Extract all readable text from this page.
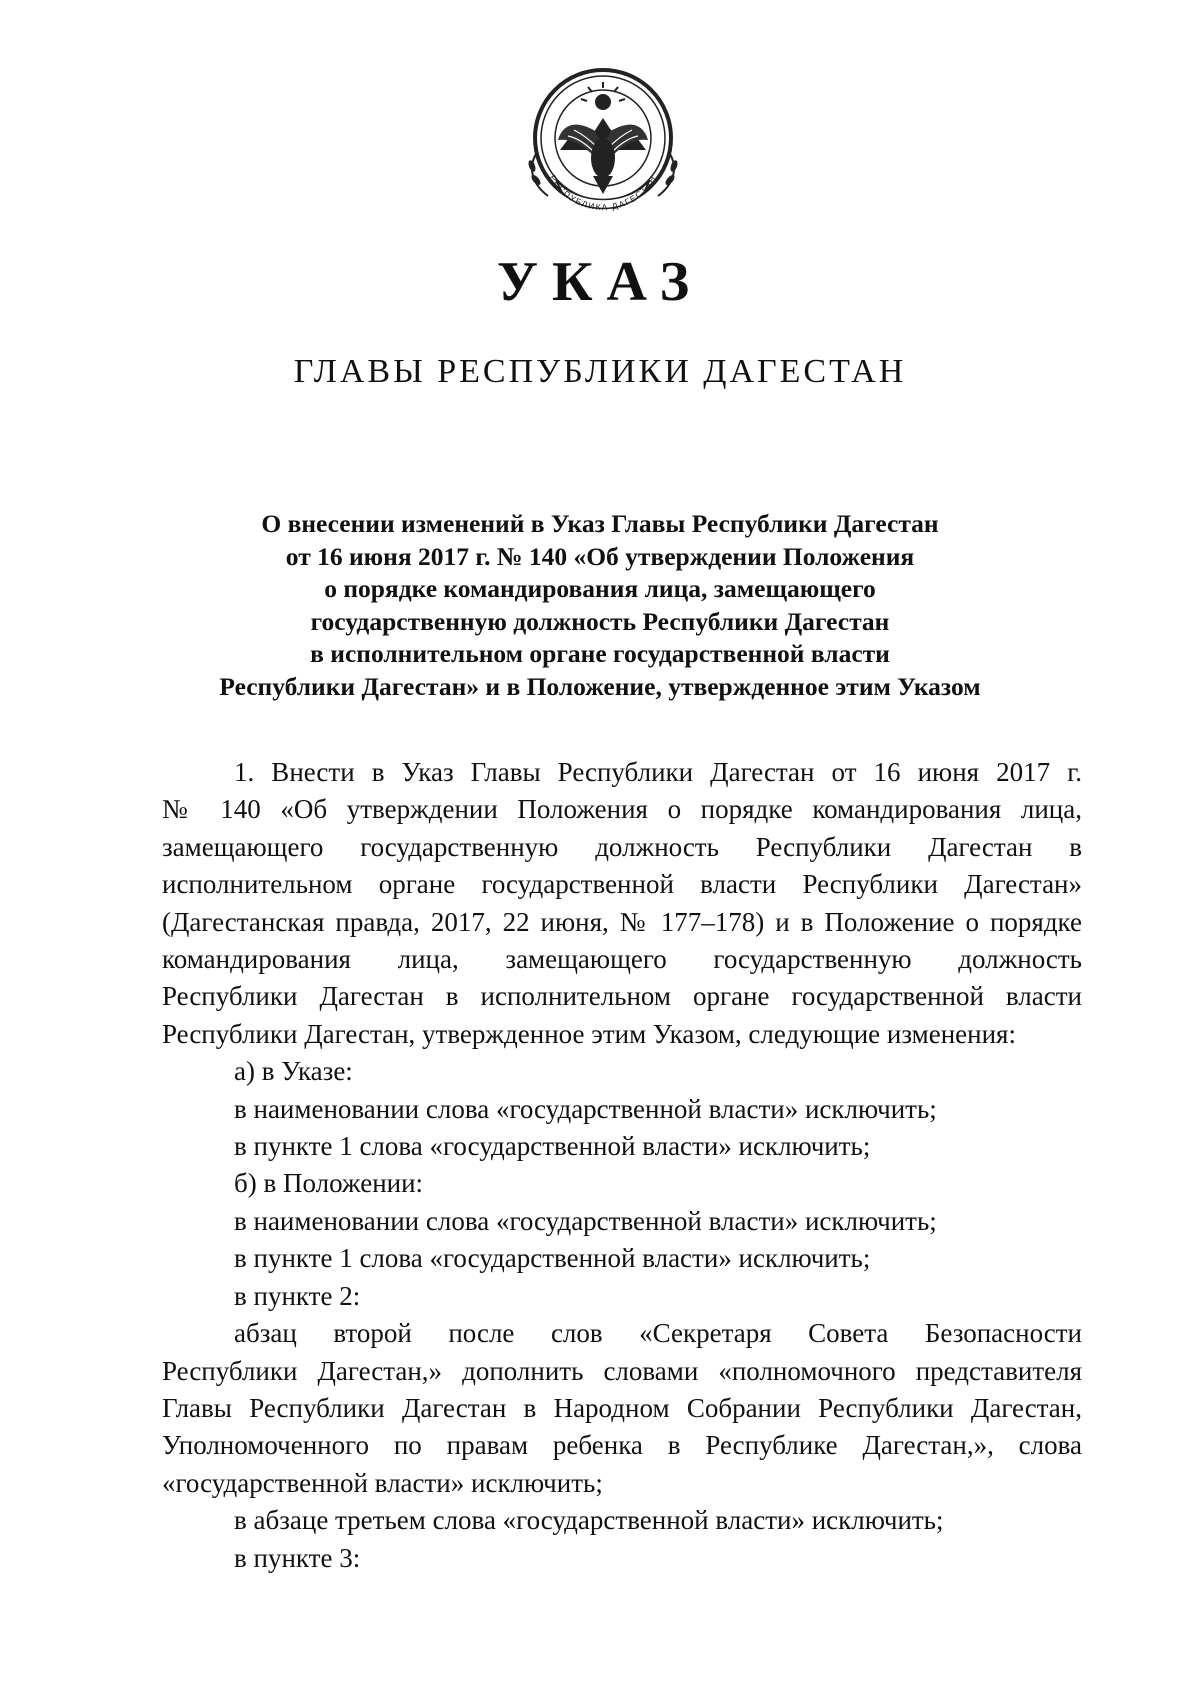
РЕСПУБЛИКА ДАГЕСТАН
УКАЗ
ГЛАВЫ РЕСПУБЛИКИ ДАГЕСТАН
О внесении изменений в Указ Главы Республики Дагестан
от 16 июня 2017 г. № 140 «Об утверждении Положения
о порядке командирования лица, замещающего
государственную должность Республики Дагестан
в исполнительном органе государственной власти
Республики Дагестан» и в Положение, утвержденное этим Указом

1. Внести в Указ Главы Республики Дагестан от 16 июня 2017 г.

№ 140 «Об утверждении Положения о порядке командирования лица,

замещающего государственную должность Республики Дагестан в

исполнительном органе государственной власти Республики Дагестан»

(Дагестанская правда, 2017, 22 июня, № 177–178) и в Положение о порядке

командирования лица, замещающего государственную должность

Республики Дагестан в исполнительном органе государственной власти

Республики Дагестан, утвержденное этим Указом, следующие изменения:

а) в Указе:

в наименовании слова «государственной власти» исключить;

в пункте 1 слова «государственной власти» исключить;

б) в Положении:

в наименовании слова «государственной власти» исключить;

в пункте 1 слова «государственной власти» исключить;

в пункте 2:

абзац второй после слов «Секретаря Совета Безопасности

Республики Дагестан,» дополнить словами «полномочного представителя

Главы Республики Дагестан в Народном Собрании Республики Дагестан,

Уполномоченного по правам ребенка в Республике Дагестан,», слова

«государственной власти» исключить;

в абзаце третьем слова «государственной власти» исключить;

в пункте 3:
